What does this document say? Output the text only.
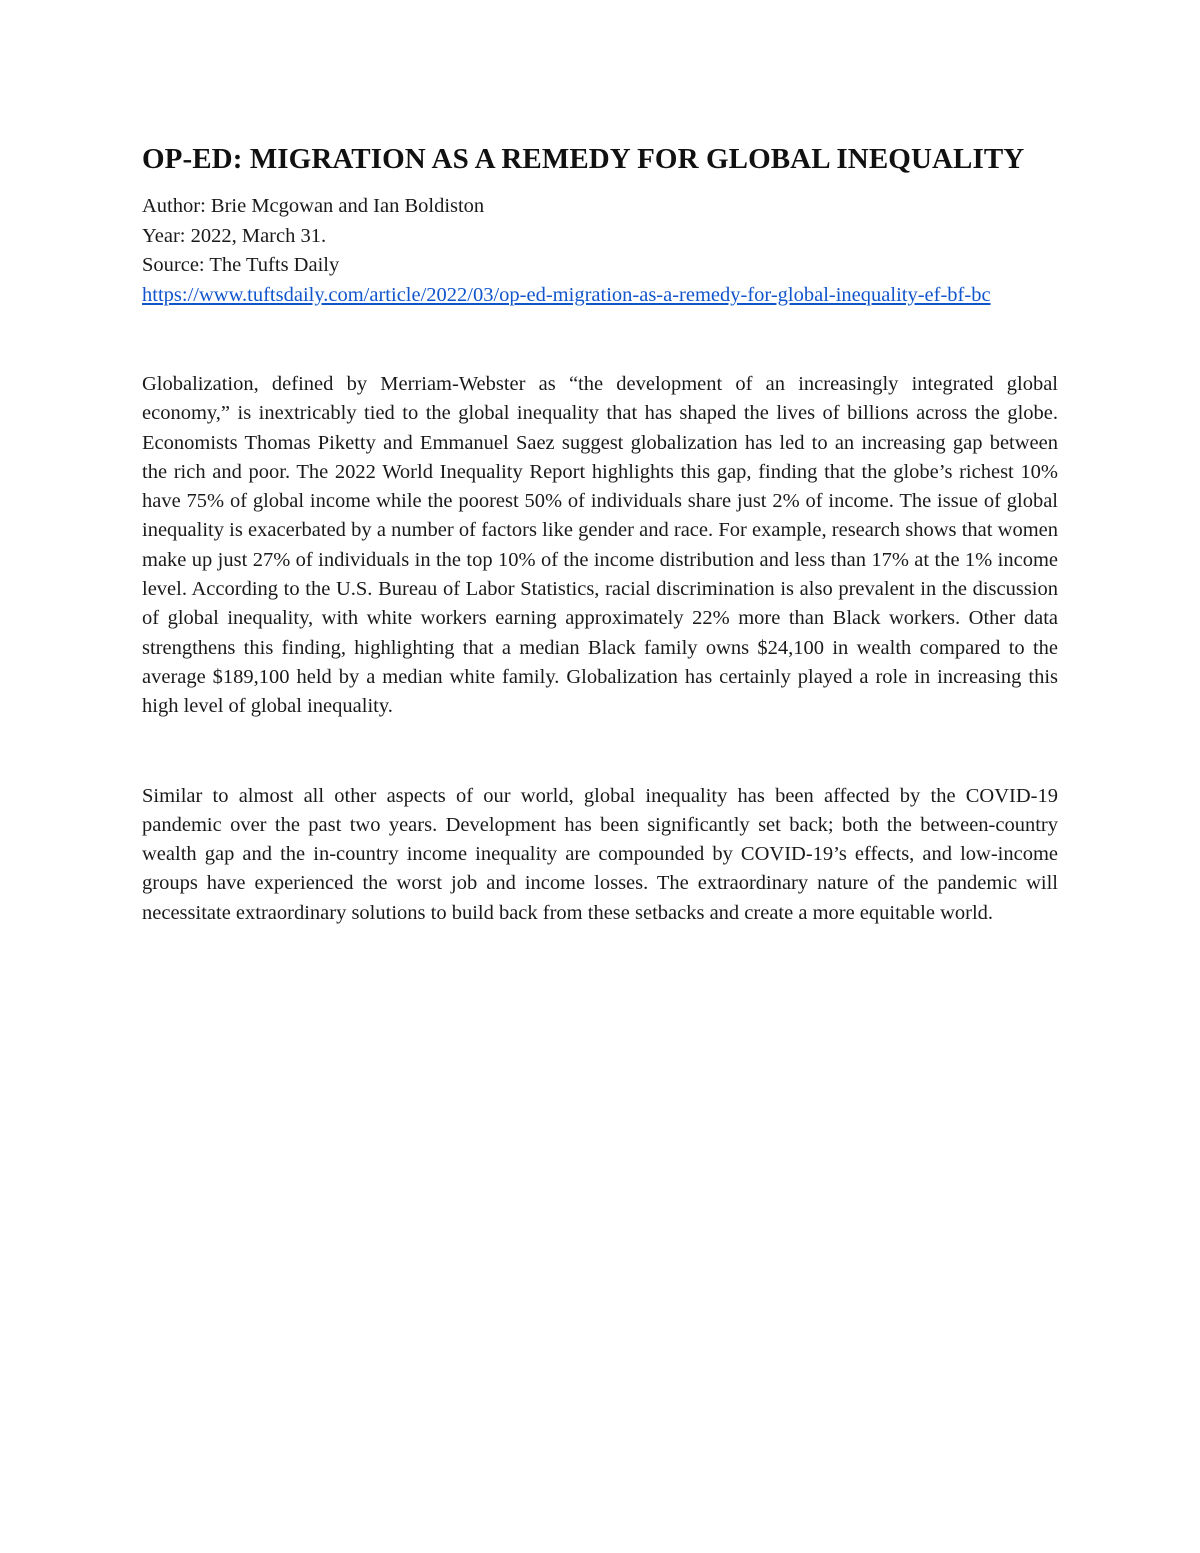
OP-ED: MIGRATION AS A REMEDY FOR GLOBAL INEQUALITY
Author: Brie Mcgowan and Ian Boldiston
Year: 2022, March 31.
Source: The Tufts Daily
https://www.tuftsdaily.com/article/2022/03/op-ed-migration-as-a-remedy-for-global-inequality-ef-bf-bc

Globalization, defined by Merriam-Webster as “the development of an increasingly integrated global economy,” is inextricably tied to the global inequality that has shaped the lives of billions across the globe. Economists Thomas Piketty and Emmanuel Saez suggest globalization has led to an increasing gap between the rich and poor. The 2022 World Inequality Report highlights this gap, finding that the globe’s richest 10% have 75% of global income while the poorest 50% of individuals share just 2% of income. The issue of global inequality is exacerbated by a number of factors like gender and race. For example, research shows that women make up just 27% of individuals in the top 10% of the income distribution and less than 17% at the 1% income level. According to the U.S. Bureau of Labor Statistics, racial discrimination is also prevalent in the discussion of global inequality, with white workers earning approximately 22% more than Black workers. Other data strengthens this finding, highlighting that a median Black family owns $24,100 in wealth compared to the average $189,100 held by a median white family. Globalization has certainly played a role in increasing this high level of global inequality.

Similar to almost all other aspects of our world, global inequality has been affected by the COVID-19 pandemic over the past two years. Development has been significantly set back; both the between-country wealth gap and the in-country income inequality are compounded by COVID-19’s effects, and low-income groups have experienced the worst job and income losses. The extraordinary nature of the pandemic will necessitate extraordinary solutions to build back from these setbacks and create a more equitable world.
